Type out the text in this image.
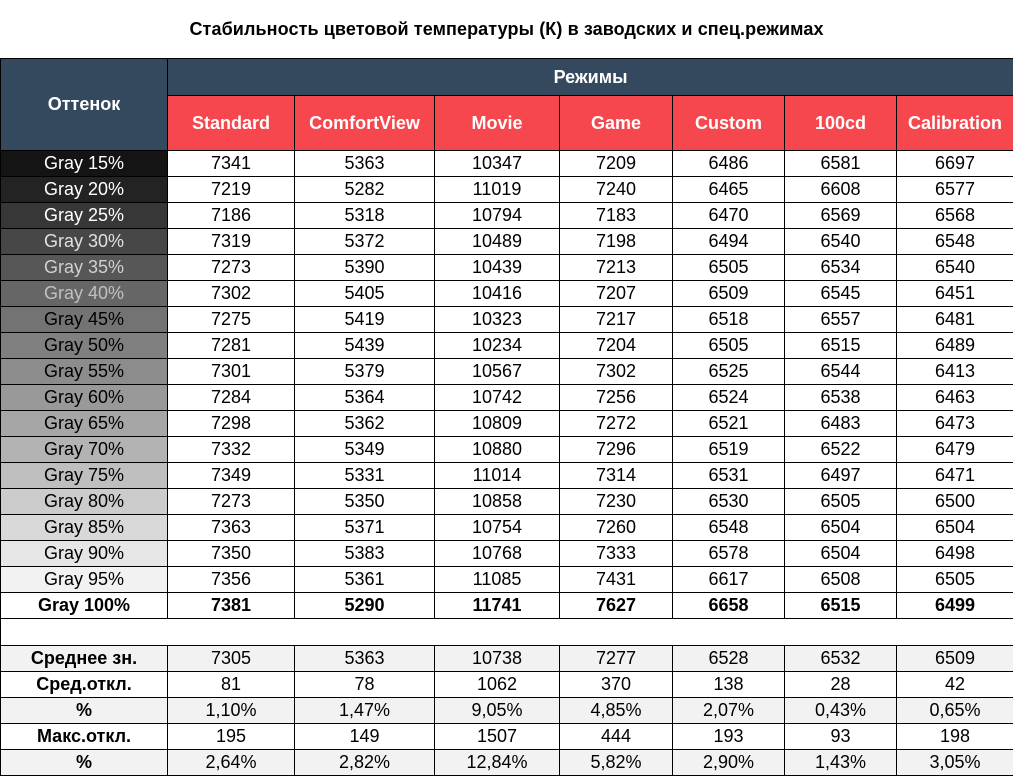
Стабильность цветовой температуры (К) в заводских и спец.режимах
Оттенок	Режимы						
	Standard	ComfortView	Movie	Game	Custom	100cd	Calibration
Gray 15%	7341	5363	10347	7209	6486	6581	6697
Gray 20%	7219	5282	11019	7240	6465	6608	6577
Gray 25%	7186	5318	10794	7183	6470	6569	6568
Gray 30%	7319	5372	10489	7198	6494	6540	6548
Gray 35%	7273	5390	10439	7213	6505	6534	6540
Gray 40%	7302	5405	10416	7207	6509	6545	6451
Gray 45%	7275	5419	10323	7217	6518	6557	6481
Gray 50%	7281	5439	10234	7204	6505	6515	6489
Gray 55%	7301	5379	10567	7302	6525	6544	6413
Gray 60%	7284	5364	10742	7256	6524	6538	6463
Gray 65%	7298	5362	10809	7272	6521	6483	6473
Gray 70%	7332	5349	10880	7296	6519	6522	6479
Gray 75%	7349	5331	11014	7314	6531	6497	6471
Gray 80%	7273	5350	10858	7230	6530	6505	6500
Gray 85%	7363	5371	10754	7260	6548	6504	6504
Gray 90%	7350	5383	10768	7333	6578	6504	6498
Gray 95%	7356	5361	11085	7431	6617	6508	6505
Gray 100%	7381	5290	11741	7627	6658	6515	6499

Среднее зн.	7305	5363	10738	7277	6528	6532	6509
Сред.откл.	81	78	1062	370	138	28	42
%	1,10%	1,47%	9,05%	4,85%	2,07%	0,43%	0,65%
Макс.откл.	195	149	1507	444	193	93	198
%	2,64%	2,82%	12,84%	5,82%	2,90%	1,43%	3,05%
